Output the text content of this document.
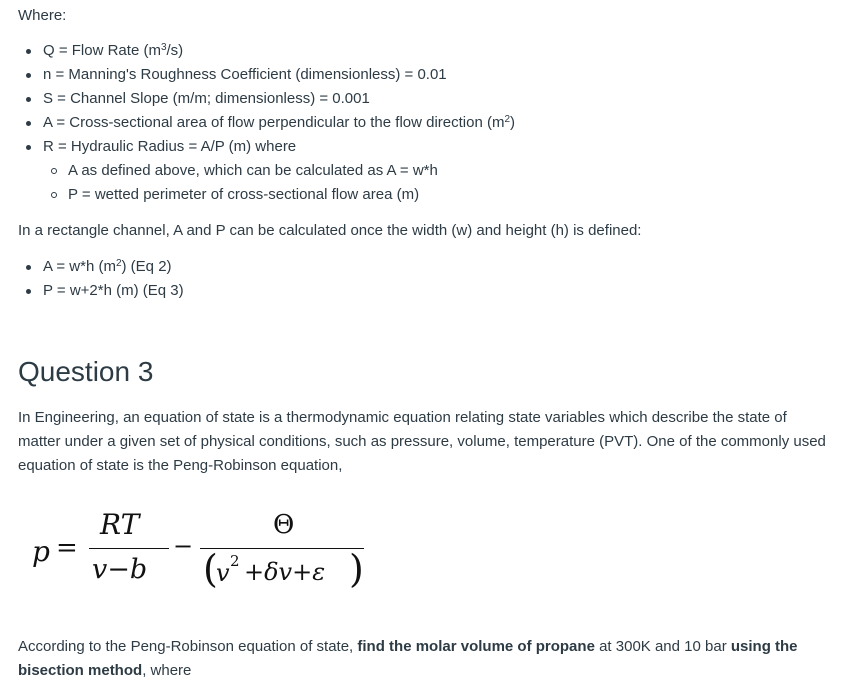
Where:
Q = Flow Rate $(m^3/s)$
n = Manning's Roughness Coefficient (dimensionless) = 0.01
S = Channel Slope (m/m; dimensionless) = 0.001
A = Cross-sectional area of flow perpendicular to the flow direction $(m^2)$
R = Hydraulic Radius = A/P (m) where
A as defined above, which can be calculated as A = w*h
P = wetted perimeter of cross-sectional flow area (m)
In a rectangle channel, A and P can be calculated once the width (w) and height (h) is defined:
A = w*h $(m^2)$ (Eq 2)
P = w+2*h (m) (Eq 3)
Question 3

In Engineering, an equation of state is a thermodynamic equation relating state variables which describe the state of matter under a given set of physical conditions, such as pressure, volume, temperature (PVT). One of the commonly used equation of state is the Peng-Robinson equation,

p =
RT
v−b
−
Θ
(
v 2 +δv+ε )

According to the Peng-Robinson equation of state, find the molar volume of propane at 300K and 10 bar using the bisection method, where
